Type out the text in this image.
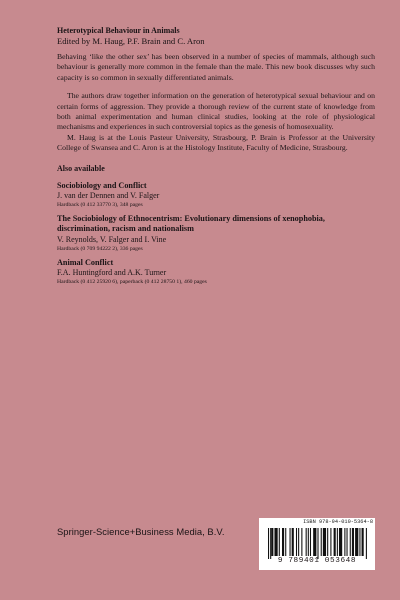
Heterotypical Behaviour in Animals
Edited by M. Haug, P.F. Brain and C. Aron

Behaving ‘like the other sex’ has been observed in a number of species of mammals, although such behaviour is generally more common in the female than the male. This new book discusses why such capacity is so common in sexually differentiated animals.

The authors draw together information on the generation of heterotypical sexual behaviour and on certain forms of aggression. They provide a thorough review of the current state of knowledge from both animal experimentation and human clinical studies, looking at the role of physiological mechanisms and experiences in such controversial topics as the genesis of homosexuality.

M. Haug is at the Louis Pasteur University, Strasbourg, P. Brain is Professor at the University College of Swansea and C. Aron is at the Histology Institute, Faculty of Medicine, Strasbourg.

Also available
Sociobiology and Conflict
J. van der Dennen and V. Falger
Hardback (0 412 33770 3), 348 pages
The Sociobiology of Ethnocentrism: Evolutionary dimensions of xenophobia, discrimination, racism and nationalism
V. Reynolds, V. Falger and I. Vine
Hardback (0 709 94222 2), 336 pages
Animal Conflict
F.A. Huntingford and A.K. Turner
Hardback (0 412 25920 6), paperback (0 412 28750 1), 460 pages
Springer-Science+Business Media, B.V.
ISBN 978-94-010-5364-8
9 789401 053648
